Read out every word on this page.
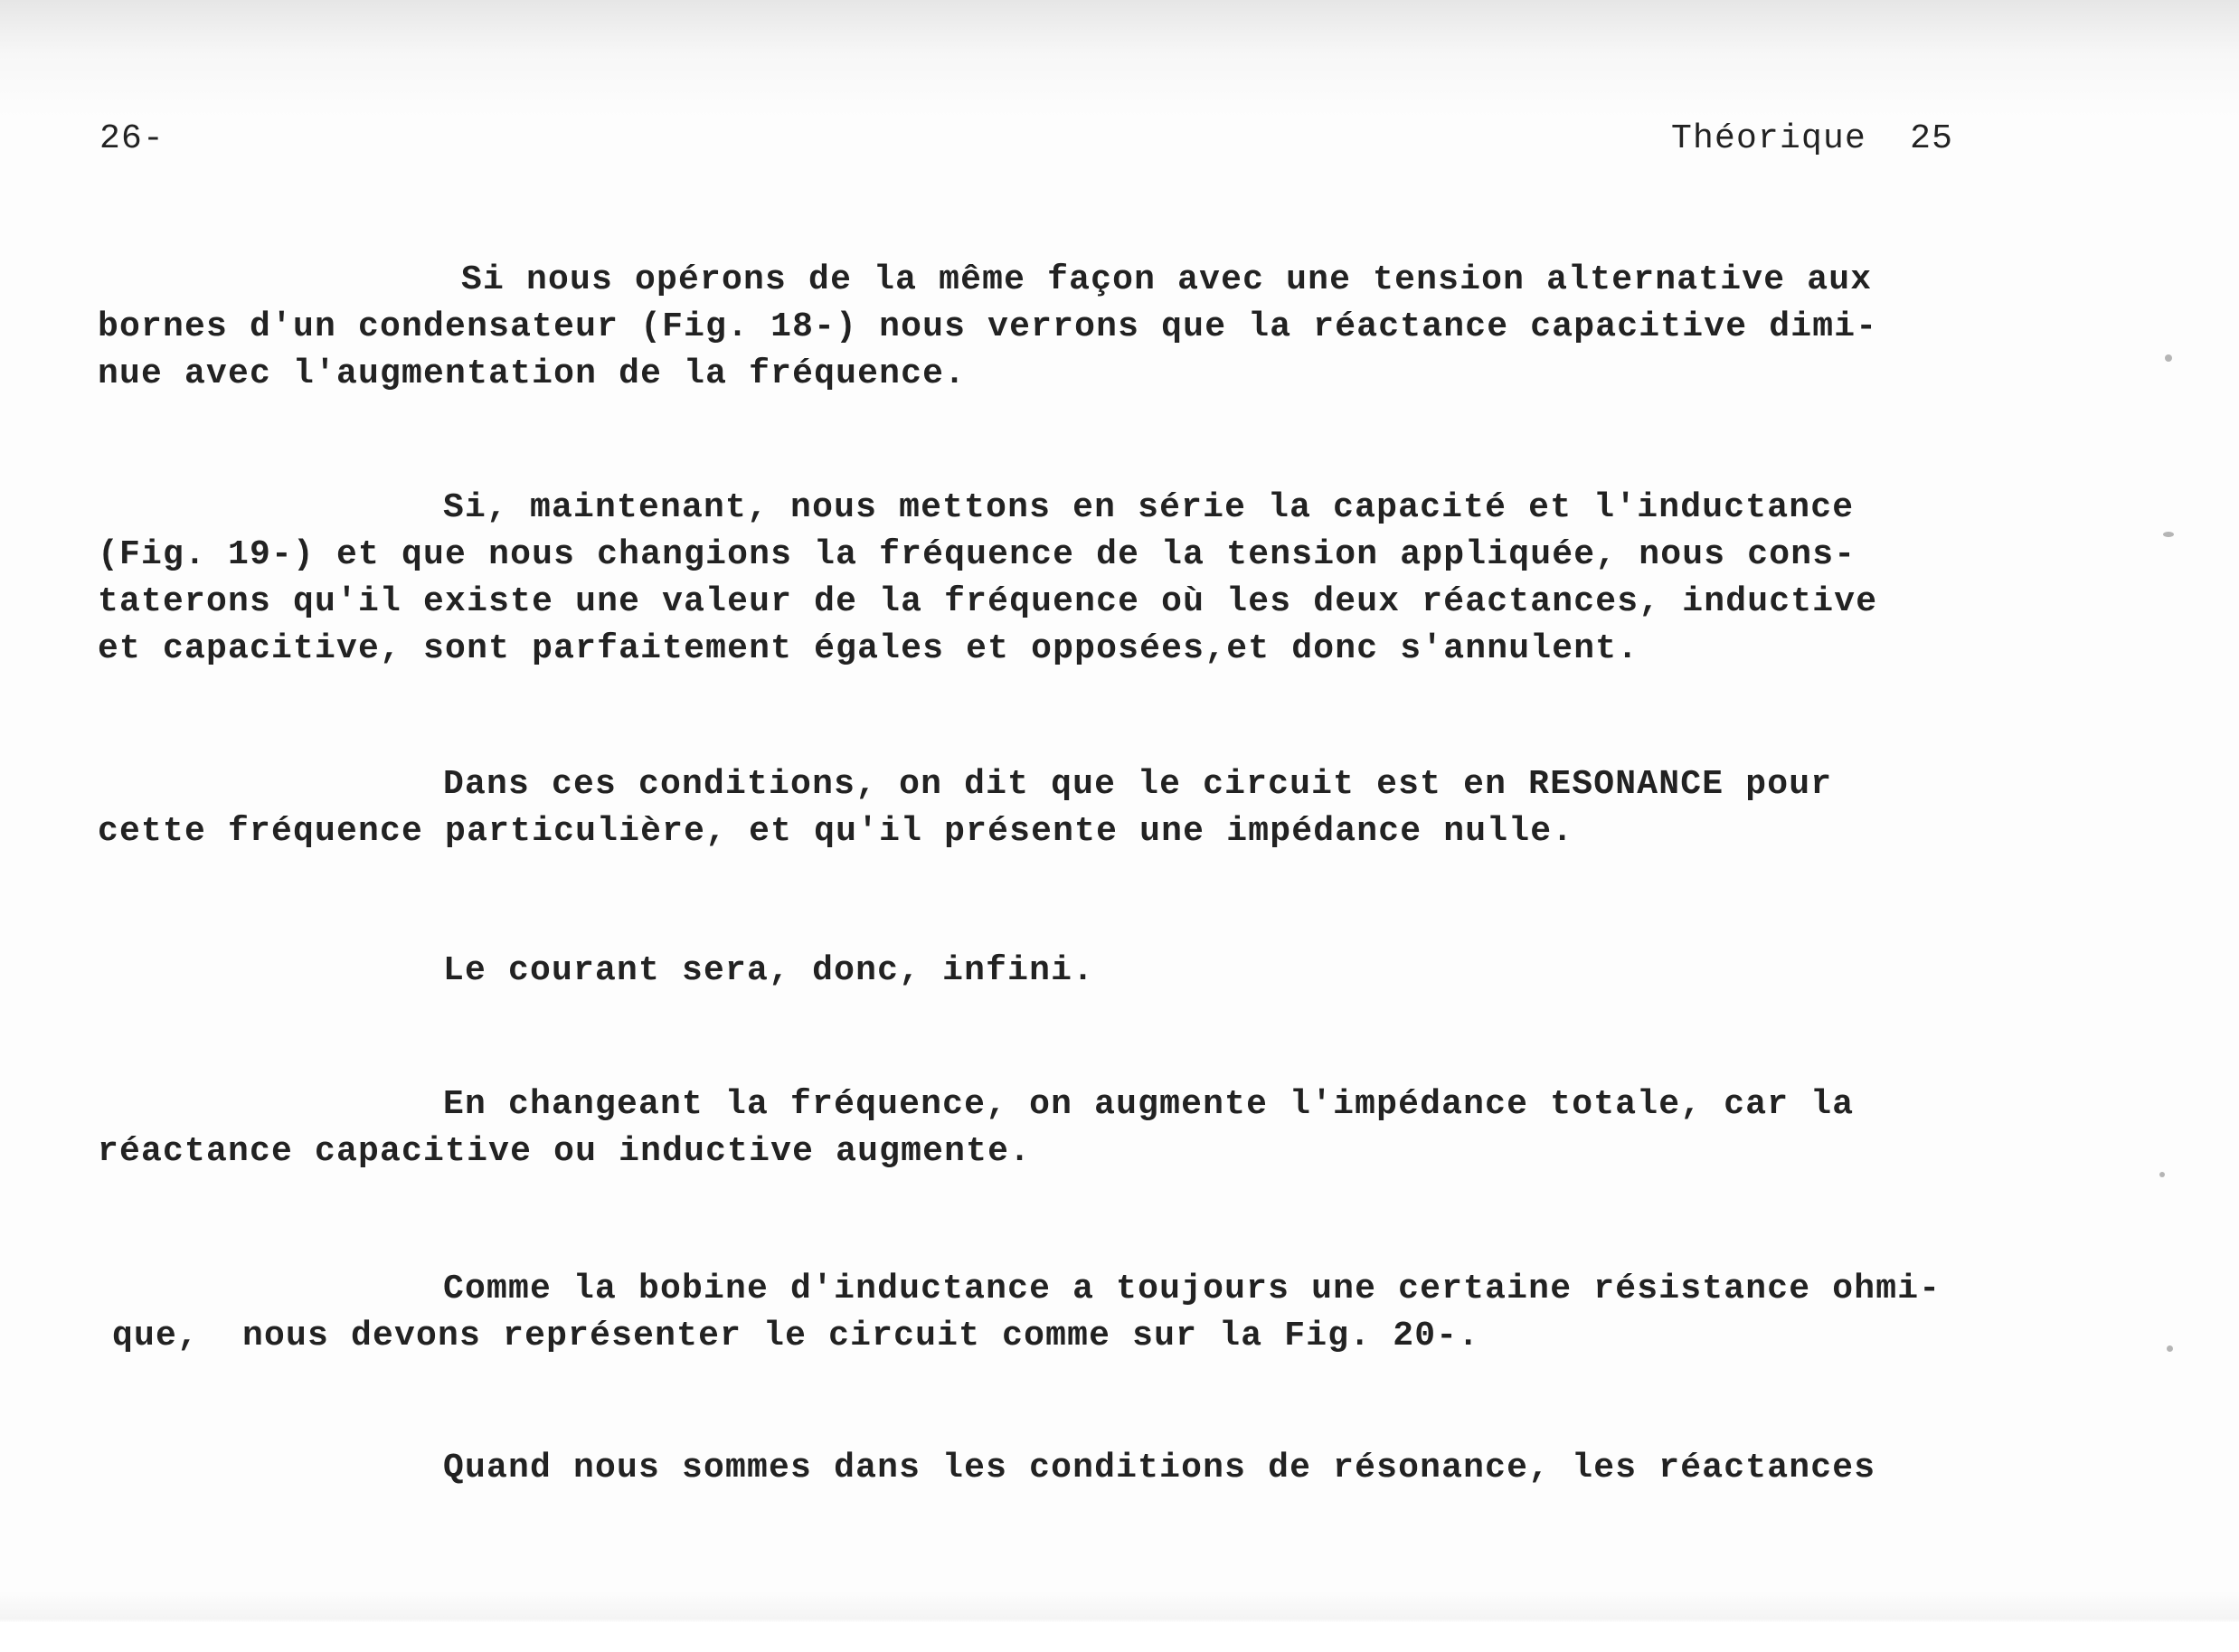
26-	Théorique 25
Si nous opérons de la même façon avec une tension alternative aux
bornes d'un condensateur (Fig. 18-) nous verrons que la réactance capacitive dimi-
nue avec l'augmentation de la fréquence.
Si, maintenant, nous mettons en série la capacité et l'inductance
(Fig. 19-) et que nous changions la fréquence de la tension appliquée, nous cons-
taterons qu'il existe une valeur de la fréquence où les deux réactances, inductive
et capacitive, sont parfaitement égales et opposées,et donc s'annulent.
Dans ces conditions, on dit que le circuit est en RESONANCE pour
cette fréquence particulière, et qu'il présente une impédance nulle.
Le courant sera, donc, infini.
En changeant la fréquence, on augmente l'impédance totale, car la
réactance capacitive ou inductive augmente.
Comme la bobine d'inductance a toujours une certaine résistance ohmi-
que,  nous devons représenter le circuit comme sur la Fig. 20-.
Quand nous sommes dans les conditions de résonance, les réactances
